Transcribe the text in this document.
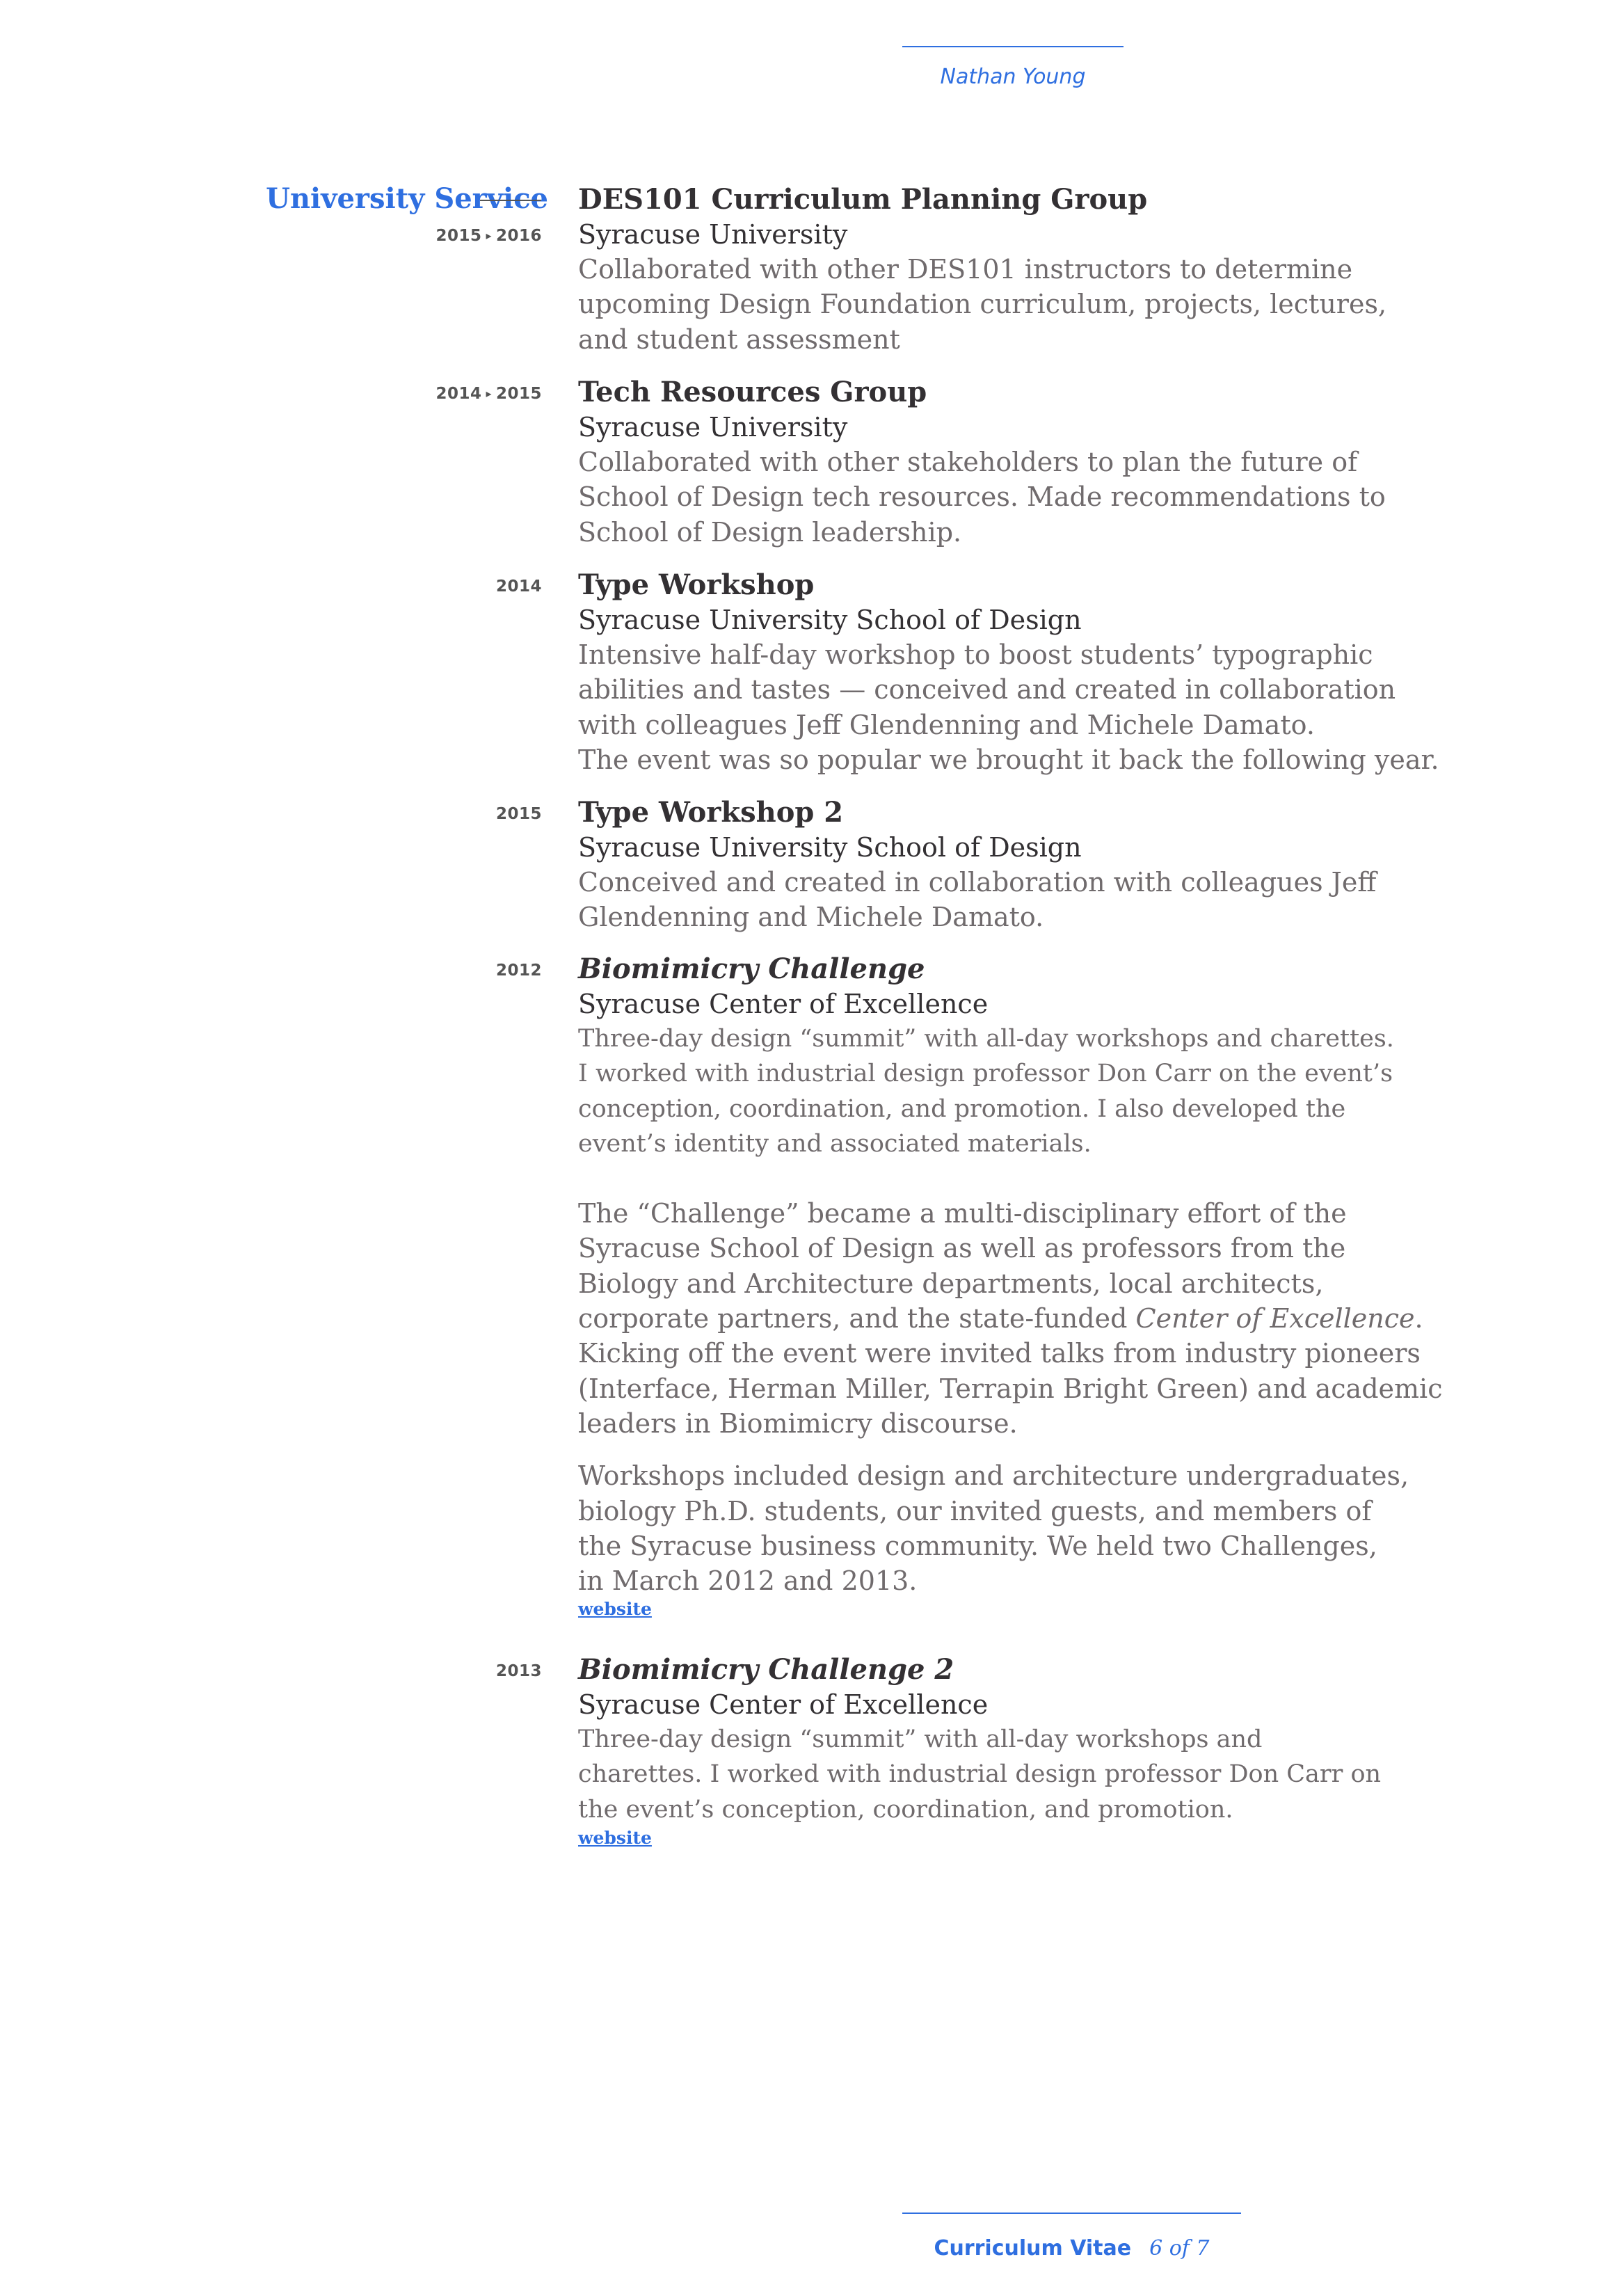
Nathan Young
University Service
2015 ▸ 2016
DES101 Curriculum Planning Group
Syracuse University

Collaborated with other DES101 instructors to determine
upcoming Design Foundation curriculum, projects, lectures,
and student assessment

2014 ▸ 2015 Tech Resources Group
Syracuse University

Collaborated with other stakeholders to plan the future of
School of Design tech resources. Made recommendations to
School of Design leadership.

2014 Type Workshop
Syracuse University School of Design

Intensive half-day workshop to boost students’ typographic
abilities and tastes — conceived and created in collaboration
with colleagues Jeff Glendenning and Michele Damato.
The event was so popular we brought it back the following year.

2015 Type Workshop 2
Syracuse University School of Design

Conceived and created in collaboration with colleagues Jeff
Glendenning and Michele Damato.

2012 Biomimicry Challenge
Syracuse Center of Excellence

Three-day design “summit” with all-day workshops and charettes.
I worked with industrial design professor Don Carr on the event’s
conception, coordination, and promotion. I also developed the
event’s identity and associated materials.

The “Challenge” became a multi-disciplinary effort of the
Syracuse School of Design as well as professors from the
Biology and Architecture departments, local architects,
corporate partners, and the state-funded Center of Excellence.
Kicking off the event were invited talks from industry pioneers
(Interface, Herman Miller, Terrapin Bright Green) and academic
leaders in Biomimicry discourse.

Workshops included design and architecture undergraduates,
biology Ph.D. students, our invited guests, and members of
the Syracuse business community. We held two Challenges,
in March 2012 and 2013.

website
2013 Biomimicry Challenge 2
Syracuse Center of Excellence

Three-day design “summit” with all-day workshops and
charettes. I worked with industrial design professor Don Carr on
the event’s conception, coordination, and promotion.

website
Curriculum Vitae 6 of 7
